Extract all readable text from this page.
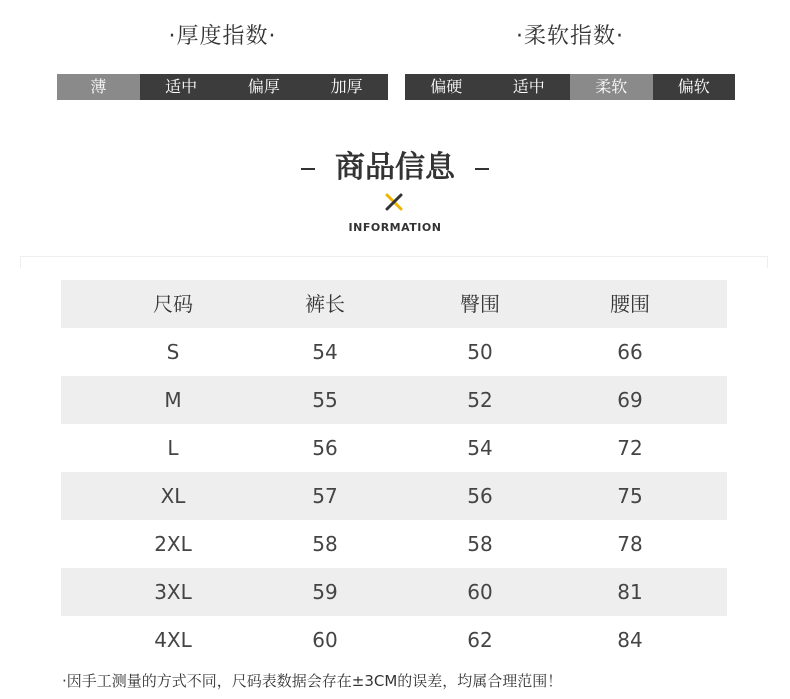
·厚度指数·
薄	适中	偏厚	加厚
·柔软指数·
偏硬	适中	柔软	偏软
商品信息
INFORMATION
尺码	裤长	臀围	腰围
S	54	50	66
M	55	52	69
L	56	54	72
XL	57	56	75
2XL	58	58	78
3XL	59	60	81
4XL	60	62	84
·因手工测量的方式不同，尺码表数据会存在±3CM的误差，均属合理范围！
